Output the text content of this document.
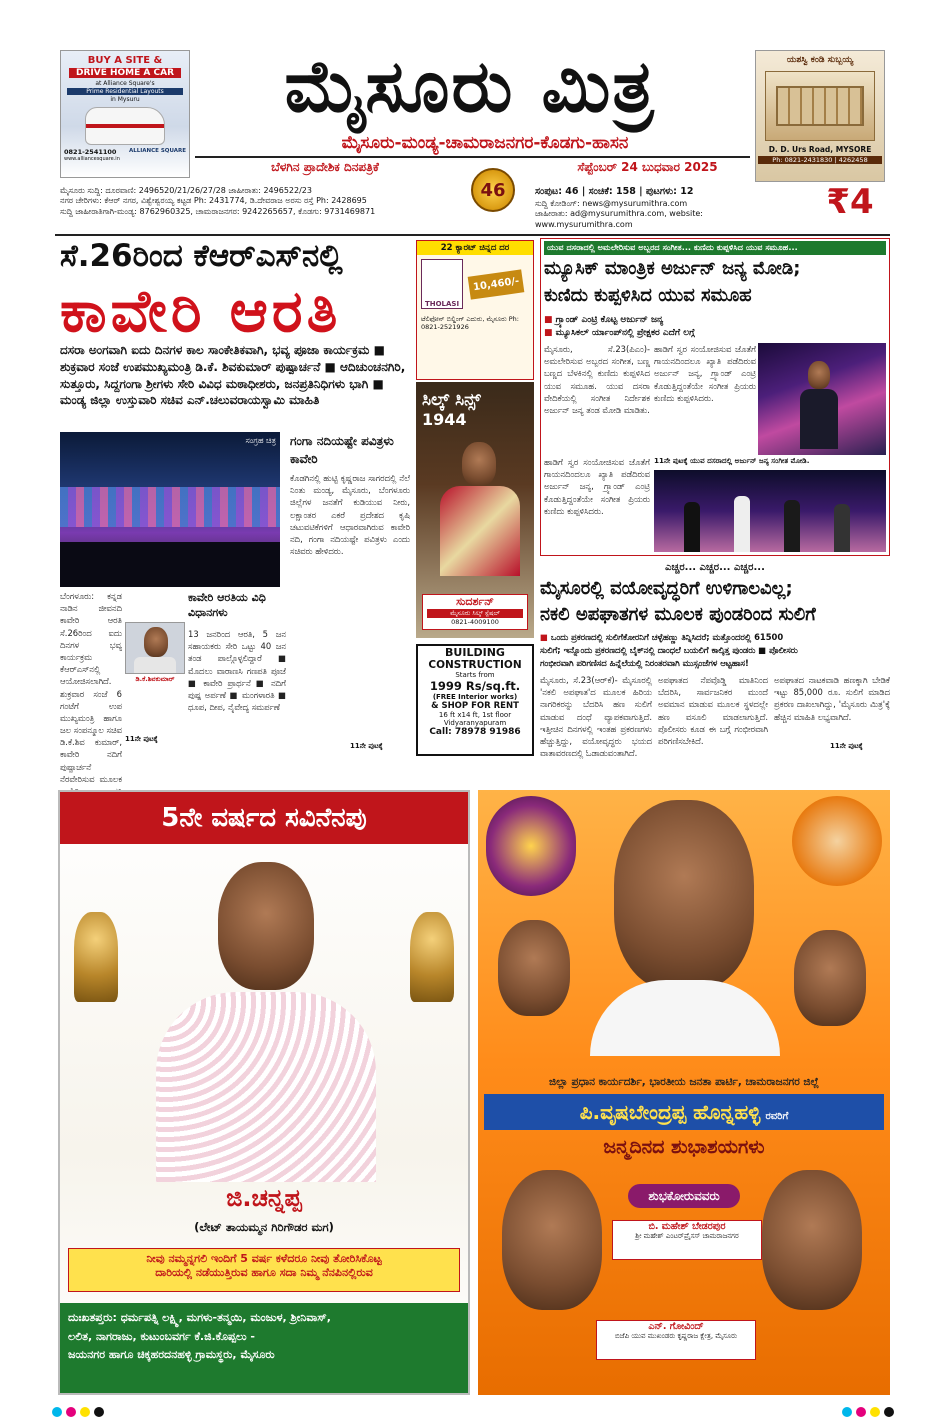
BUY A SITE &
DRIVE HOME A CAR
at Alliance Square's
Prime Residential Layouts
in Mysuru
0821-2541100 ALLIANCE SQUARE
www.alliancesquare.in
ಮೈಸೂರು ಮಿತ್ರ
ಮೈಸೂರು-ಮಂಡ್ಯ-ಚಾಮರಾಜನಗರ-ಕೊಡಗು-ಹಾಸನ
ಬೆಳಗಿನ ಪ್ರಾದೇಶಿಕ ದಿನಪತ್ರಿಕೆ	ಸೆಪ್ಟೆಂಬರ್ 24 ಬುಧವಾರ 2025
ಯಶಸ್ವಿ ಕಂಡಿ ಸುಬ್ಬಯ್ಯ
D. D. Urs Road, MYSORE
Ph: 0821-2431830 | 4262458
ಮೈಸೂರು ಸುದ್ದಿ: ದೂರವಾಣಿ: 2496520/21/26/27/28 ಜಾಹೀರಾತು: 2496522/23
ನಗರ ಚೇರಿಗಳು: ಕೆಆರ್ ನಗರ, ವಿಶ್ವೇಶ್ವರಯ್ಯ ಕಟ್ಟಡ Ph: 2431774, ಡಿ.ದೇವರಾಜ ಅರಸು ರಸ್ತೆ Ph: 2428695
ಸುದ್ದಿ ಜಾಹೀರಾತಿಗಾಗಿ-ಮಂಡ್ಯ: 8762960325, ಚಾಮರಾಜನಗರ: 9242265657, ಕೊಡಗು: 9731469871
46	ಸಂಪುಟ: 46 | ಸಂಚಿಕೆ: 158 | ಪುಟಗಳು: 12
ಸುದ್ದಿ ಕೋಡಿಂಗ್: news@mysurumithra.com
ಜಾಹೀರಾತು: ad@mysurumithra.com, website: www.mysurumithra.com
₹4
ಸೆ.26ರಿಂದ ಕೆಆರ್‌ಎಸ್‌ನಲ್ಲಿ
ಕಾವೇರಿ ಆರತಿ
ದಸರಾ ಅಂಗವಾಗಿ ಐದು ದಿನಗಳ ಕಾಲ ಸಾಂಕೇತಿಕವಾಗಿ, ಭವ್ಯ ಪೂಜಾ ಕಾರ್ಯಕ್ರಮ ■ ಶುಕ್ರವಾರ ಸಂಜೆ ಉಪಮುಖ್ಯಮಂತ್ರಿ ಡಿ.ಕೆ. ಶಿವಕುಮಾರ್ ಪುಷ್ಪಾರ್ಚನೆ ■ ಆದಿಚುಂಚನಗಿರಿ, ಸುತ್ತೂರು, ಸಿದ್ದಗಂಗಾ ಶ್ರೀಗಳು ಸೇರಿ ವಿವಿಧ ಮಠಾಧೀಶರು, ಜನಪ್ರತಿನಿಧಿಗಳು ಭಾಗಿ ■ ಮಂಡ್ಯ ಜಿಲ್ಲಾ ಉಸ್ತುವಾರಿ ಸಚಿವ ಎನ್.ಚಲುವರಾಯಸ್ವಾಮಿ ಮಾಹಿತಿ
ಸಂಗ್ರಹ ಚಿತ್ರ ಗಂಗಾ ನದಿಯಷ್ಟೇ ಪವಿತ್ರಳು ಕಾವೇರಿ
ಕೊಡಗಿನಲ್ಲಿ ಹುಟ್ಟಿ ಕೃಷ್ಣರಾಜ ಸಾಗರದಲ್ಲಿ ನೆಲೆ ನಿಂತು ಮಂಡ್ಯ, ಮೈಸೂರು, ಬೆಂಗಳೂರು ಜಿಲ್ಲೆಗಳ ಜನತೆಗೆ ಕುಡಿಯುವ ನೀರು, ಲಕ್ಷಾಂತರ ಎಕರೆ ಪ್ರದೇಶದ ಕೃಷಿ ಚಟುವಟಿಕೆಗಳಿಗೆ ಆಧಾರವಾಗಿರುವ ಕಾವೇರಿ ನದಿ, ಗಂಗಾ ನದಿಯಷ್ಟೇ ಪವಿತ್ರಳು ಎಂದು ಸಚಿವರು ಹೇಳಿದರು.
ಬೆಂಗಳೂರು: ಕನ್ನಡ ನಾಡಿನ ಜೀವನದಿ ಕಾವೇರಿ ಆರತಿ ಸೆ.26ರಿಂದ ಐದು ದಿನಗಳ ಭವ್ಯ ಕಾರ್ಯಕ್ರಮ ಕೆಆರ್‌ಎಸ್‌ನಲ್ಲಿ ಆಯೋಜಿಸಲಾಗಿದೆ. ಶುಕ್ರವಾರ ಸಂಜೆ 6 ಗಂಟೆಗೆ ಉಪ ಮುಖ್ಯಮಂತ್ರಿ ಹಾಗೂ ಜಲ ಸಂಪನ್ಮೂಲ ಸಚಿವ ಡಿ.ಕೆ.ಶಿವ ಕುಮಾರ್, ಕಾವೇರಿ ನದಿಗೆ ಪುಷ್ಪಾರ್ಚನೆ ನೆರವೇರಿಸುವ ಮೂಲಕ
ಡಿ.ಕೆ.ಶಿವಕುಮಾರ್
11ನೇ ಪುಟಕ್ಕೆ
ಕಾವೇರಿ ಆರತಿಯ ವಿಧಿ ವಿಧಾನಗಳು
13 ಜನರಿಂದ ಆರತಿ, 5 ಜನ ಸಹಾಯಕರು ಸೇರಿ ಒಟ್ಟು 40 ಜನ ತಂಡ ಪಾಲ್ಗೊಳ್ಳಲಿದ್ದಾರೆ ■ ಮೊದಲು ವಾರಾಣಸಿ ಗಣಪತಿ ಪೂಜೆ ■ ಕಾವೇರಿ ಪ್ರಾರ್ಥನೆ ■ ನದಿಗೆ ಪುಷ್ಪ ಅರ್ಪಣೆ ■ ಮಂಗಳಾರತಿ ■ ಧೂಪ, ದೀಪ, ನೈವೇದ್ಯ ಸಮರ್ಪಣೆ
11ನೇ ಪುಟಕ್ಕೆ
22 ಕ್ಯಾರಟ್ ಚಿನ್ನದ ದರ
THOLASI
10,460/-
ಟೆಲಿಫೋನ್ ಬಿಲ್ಡಿಂಗ್ ಎದುರು, ಮೈಸೂರು Ph: 0821-2521926
ಸಿಲ್ಕ್ ಸಿನ್ಸ್
1944
ಸುದರ್ಶನ್
ಮೈಸೂರು ಸಿಲ್ಕ್ ಸ್ಪೆಷಲ್
0821-4009100
BUILDING
CONSTRUCTION
Starts from
1999 Rs/sq.ft.
(FREE Interior works)
& SHOP FOR RENT
16 ft x14 ft, 1st floor
Vidyaranyapuram
Call: 78978 91986
ಯುವ ದಸರಾದಲ್ಲಿ ಅಮಲೇರಿಸುವ ಅಬ್ಬರದ ಸಂಗೀತ... ಕುಣಿದು ಕುಪ್ಪಳಿಸಿದ ಯುವ ಸಮೂಹ...
ಮ್ಯೂಸಿಕ್ ಮಾಂತ್ರಿಕ ಅರ್ಜುನ್ ಜನ್ಯ ಮೋಡಿ;
ಕುಣಿದು ಕುಪ್ಪಳಿಸಿದ ಯುವ ಸಮೂಹ
■ ಗ್ರ್ಯಾಂಡ್ ಎಂಟ್ರಿ ಕೊಟ್ಟ ಅರ್ಜುನ್ ಜನ್ಯ
■ ಮ್ಯೂಸಿಕಲ್ ರ್ಯಾಂಪ್‌ನಲ್ಲಿ ಪ್ರೇಕ್ಷಕರ ಎದೆಗೆ ಲಗ್ಗೆ
ಮೈಸೂರು, ಸೆ.23(ಪಿಎಂ)- ಅಮಲೇರಿಸುವ ಅಬ್ಬರದ ಸಂಗೀತ, ಬಣ್ಣ ಬಣ್ಣದ ಬೆಳಕಿನಲ್ಲಿ ಕುಣಿದು ಕುಪ್ಪಳಿಸಿದ ಯುವ ಸಮೂಹ. ಯುವ ದಸರಾ ವೇದಿಕೆಯಲ್ಲಿ ಸಂಗೀತ ನಿರ್ದೇಶಕ ಅರ್ಜುನ್ ಜನ್ಯ ತಂಡ ಮೋಡಿ ಮಾಡಿತು.
ಹಾಡಿಗೆ ಸ್ವರ ಸಂಯೋಜಿಸುವ ಜೊತೆಗೆ ಗಾಯನದಿಂದಲೂ ಖ್ಯಾತಿ ಪಡೆದಿರುವ ಅರ್ಜುನ್ ಜನ್ಯ, ಗ್ರ್ಯಾಂಡ್ ಎಂಟ್ರಿ ಕೊಡುತ್ತಿದ್ದಂತೆಯೇ ಸಂಗೀತ ಪ್ರಿಯರು ಕುಣಿದು ಕುಪ್ಪಳಿಸಿದರು.
ಹಾಡಿಗೆ ಸ್ವರ ಸಂಯೋಜಿಸುವ ಜೊತೆಗೆ ಗಾಯನದಿಂದಲೂ ಖ್ಯಾತಿ ಪಡೆದಿರುವ ಅರ್ಜುನ್ ಜನ್ಯ, ಗ್ರ್ಯಾಂಡ್ ಎಂಟ್ರಿ ಕೊಡುತ್ತಿದ್ದಂತೆಯೇ ಸಂಗೀತ ಪ್ರಿಯರು ಕುಣಿದು ಕುಪ್ಪಳಿಸಿದರು.
11ನೇ ಪುಟಕ್ಕೆ ಯುವ ದಸರಾದಲ್ಲಿ ಅರ್ಜುನ್ ಜನ್ಯ ಸಂಗೀತ ಮೋಡಿ.
ಎಚ್ಚರ... ಎಚ್ಚರ... ಎಚ್ಚರ...
ಮೈಸೂರಲ್ಲಿ ವಯೋವೃದ್ಧರಿಗೆ ಉಳಿಗಾಲವಿಲ್ಲ;
ನಕಲಿ ಅಪಘಾತಗಳ ಮೂಲಕ ಪುಂಡರಿಂದ ಸುಲಿಗೆ
■ ಒಂದು ಪ್ರಕರಣದಲ್ಲಿ ಸುಲಿಗೆಕೋರನಿಗೆ ಚಳ್ಳೆಹಣ್ಣು ತಿನ್ನಿಸಿದರೆ; ಮತ್ತೊಂದರಲ್ಲಿ 61500
ಸುಲಿಗೆ; ಇನ್ನೊಂದು ಪ್ರಕರಣದಲ್ಲಿ ಬೈಕ್‌ನಲ್ಲಿ ದಾಂಧಲೆ ಬಯಲಿಗೆ ಕಾಲ್ಕಿತ್ತ ಪುಂಡರು ■ ಪೊಲೀಸರು
ಗಂಭೀರವಾಗಿ ಪರಿಗಣಿಸದ ಹಿನ್ನೆಲೆಯಲ್ಲಿ ನಿರಂತರವಾಗಿ ಮುಸ್ಸಂಜೆಗಳ ಆಟ್ಟಹಾಸ!
ಮೈಸೂರು, ಸೆ.23(ಆರ್‌ಕೆ)- ಮೈಸೂರಲ್ಲಿ 'ನಕಲಿ ಅಪಘಾತ'ದ ಮೂಲಕ ಹಿರಿಯ ನಾಗರಿಕರನ್ನು ಬೆದರಿಸಿ ಹಣ ಸುಲಿಗೆ ಮಾಡುವ ದಂಧೆ ವ್ಯಾಪಕವಾಗುತ್ತಿದೆ. ಇತ್ತೀಚಿನ ದಿನಗಳಲ್ಲಿ ಇಂತಹ ಪ್ರಕರಣಗಳು ಹೆಚ್ಚುತ್ತಿದ್ದು, ವಯೋವೃದ್ಧರು ಭಯದ ವಾತಾವರಣದಲ್ಲಿ ಓಡಾಡುವಂತಾಗಿದೆ.
ಅಪಘಾತದ ನೆಪವೊಡ್ಡಿ ಮಾತಿನಿಂದ ಬೆದರಿಸಿ, ಸಾರ್ವಜನಿಕರ ಮುಂದೆ ಅವಮಾನ ಮಾಡುವ ಮೂಲಕ ಸ್ಥಳದಲ್ಲೇ ಹಣ ವಸೂಲಿ ಮಾಡಲಾಗುತ್ತಿದೆ. ಪೊಲೀಸರು ಕೂಡ ಈ ಬಗ್ಗೆ ಗಂಭೀರವಾಗಿ ಪರಿಗಣಿಸಬೇಕಿದೆ.
ಅಪಘಾತದ ನಾಟಕವಾಡಿ ಹಣಕ್ಕಾಗಿ ಬೇಡಿಕೆ ಇಟ್ಟು 85,000 ರೂ. ಸುಲಿಗೆ ಮಾಡಿದ ಪ್ರಕರಣ ದಾಖಲಾಗಿದ್ದು, 'ಮೈಸೂರು ಮಿತ್ರ'ಕ್ಕೆ ಹೆಚ್ಚಿನ ಮಾಹಿತಿ ಲಭ್ಯವಾಗಿದೆ.
11ನೇ ಪುಟಕ್ಕೆ
5ನೇ ವರ್ಷದ ಸವಿನೆನಪು
ಜಿ.ಚನ್ನಪ್ಪ
(ಲೇಟ್ ತಾಯಮ್ಮನ ಗಿರಿಗೌಡರ ಮಗ)
ನೀವು ನಮ್ಮನ್ನಗಲಿ ಇಂದಿಗೆ 5 ವರ್ಷ ಕಳೆದರೂ ನೀವು ತೋರಿಸಿಕೊಟ್ಟ
ದಾರಿಯಲ್ಲಿ ನಡೆಯುತ್ತಿರುವ ಹಾಗೂ ಸದಾ ನಿಮ್ಮ ನೆನಪಿನಲ್ಲಿರುವ
ದುಃಖತಪ್ತರು: ಧರ್ಮಪತ್ನಿ ಲಕ್ಷ್ಮಿ, ಮಗಳು-ತನ್ಮಯಿ, ಮಂಜುಳ, ಶ್ರೀನಿವಾಸ್,
ಲಲಿತ, ನಾಗರಾಜು, ಕುಟುಂಬವರ್ಗ ಕೆ.ಜಿ.ಕೊಪ್ಪಲು -
ಜಯನಗರ ಹಾಗೂ ಚಿಕ್ಕಹರದನಹಳ್ಳಿ ಗ್ರಾಮಸ್ಥರು, ಮೈಸೂರು
ಜಿಲ್ಲಾ ಪ್ರಧಾನ ಕಾರ್ಯದರ್ಶಿ, ಭಾರತೀಯ ಜನತಾ ಪಾರ್ಟಿ, ಚಾಮರಾಜನಗರ ಜಿಲ್ಲೆ
ಪಿ.ವೃಷಬೇಂದ್ರಪ್ಪ ಹೊನ್ನಹಳ್ಳಿ ರವರಿಗೆ
ಜನ್ಮದಿನದ ಶುಭಾಶಯಗಳು
ಶುಭಕೋರುವವರು
ಬಿ. ಮಹೇಶ್ ಬೇಡರಪುರ
ಶ್ರೀ ಮಹೇಶ್ ಎಂಟರ್‌ಪ್ರೈಸಸ್ ಚಾಮರಾಜನಗರ
ಎನ್. ಗೋವಿಂದ್
ಬಿಜೆಪಿ ಯುವ ಮುಖಂಡರು ಕೃಷ್ಣರಾಜ ಕ್ಷೇತ್ರ, ಮೈಸೂರು
